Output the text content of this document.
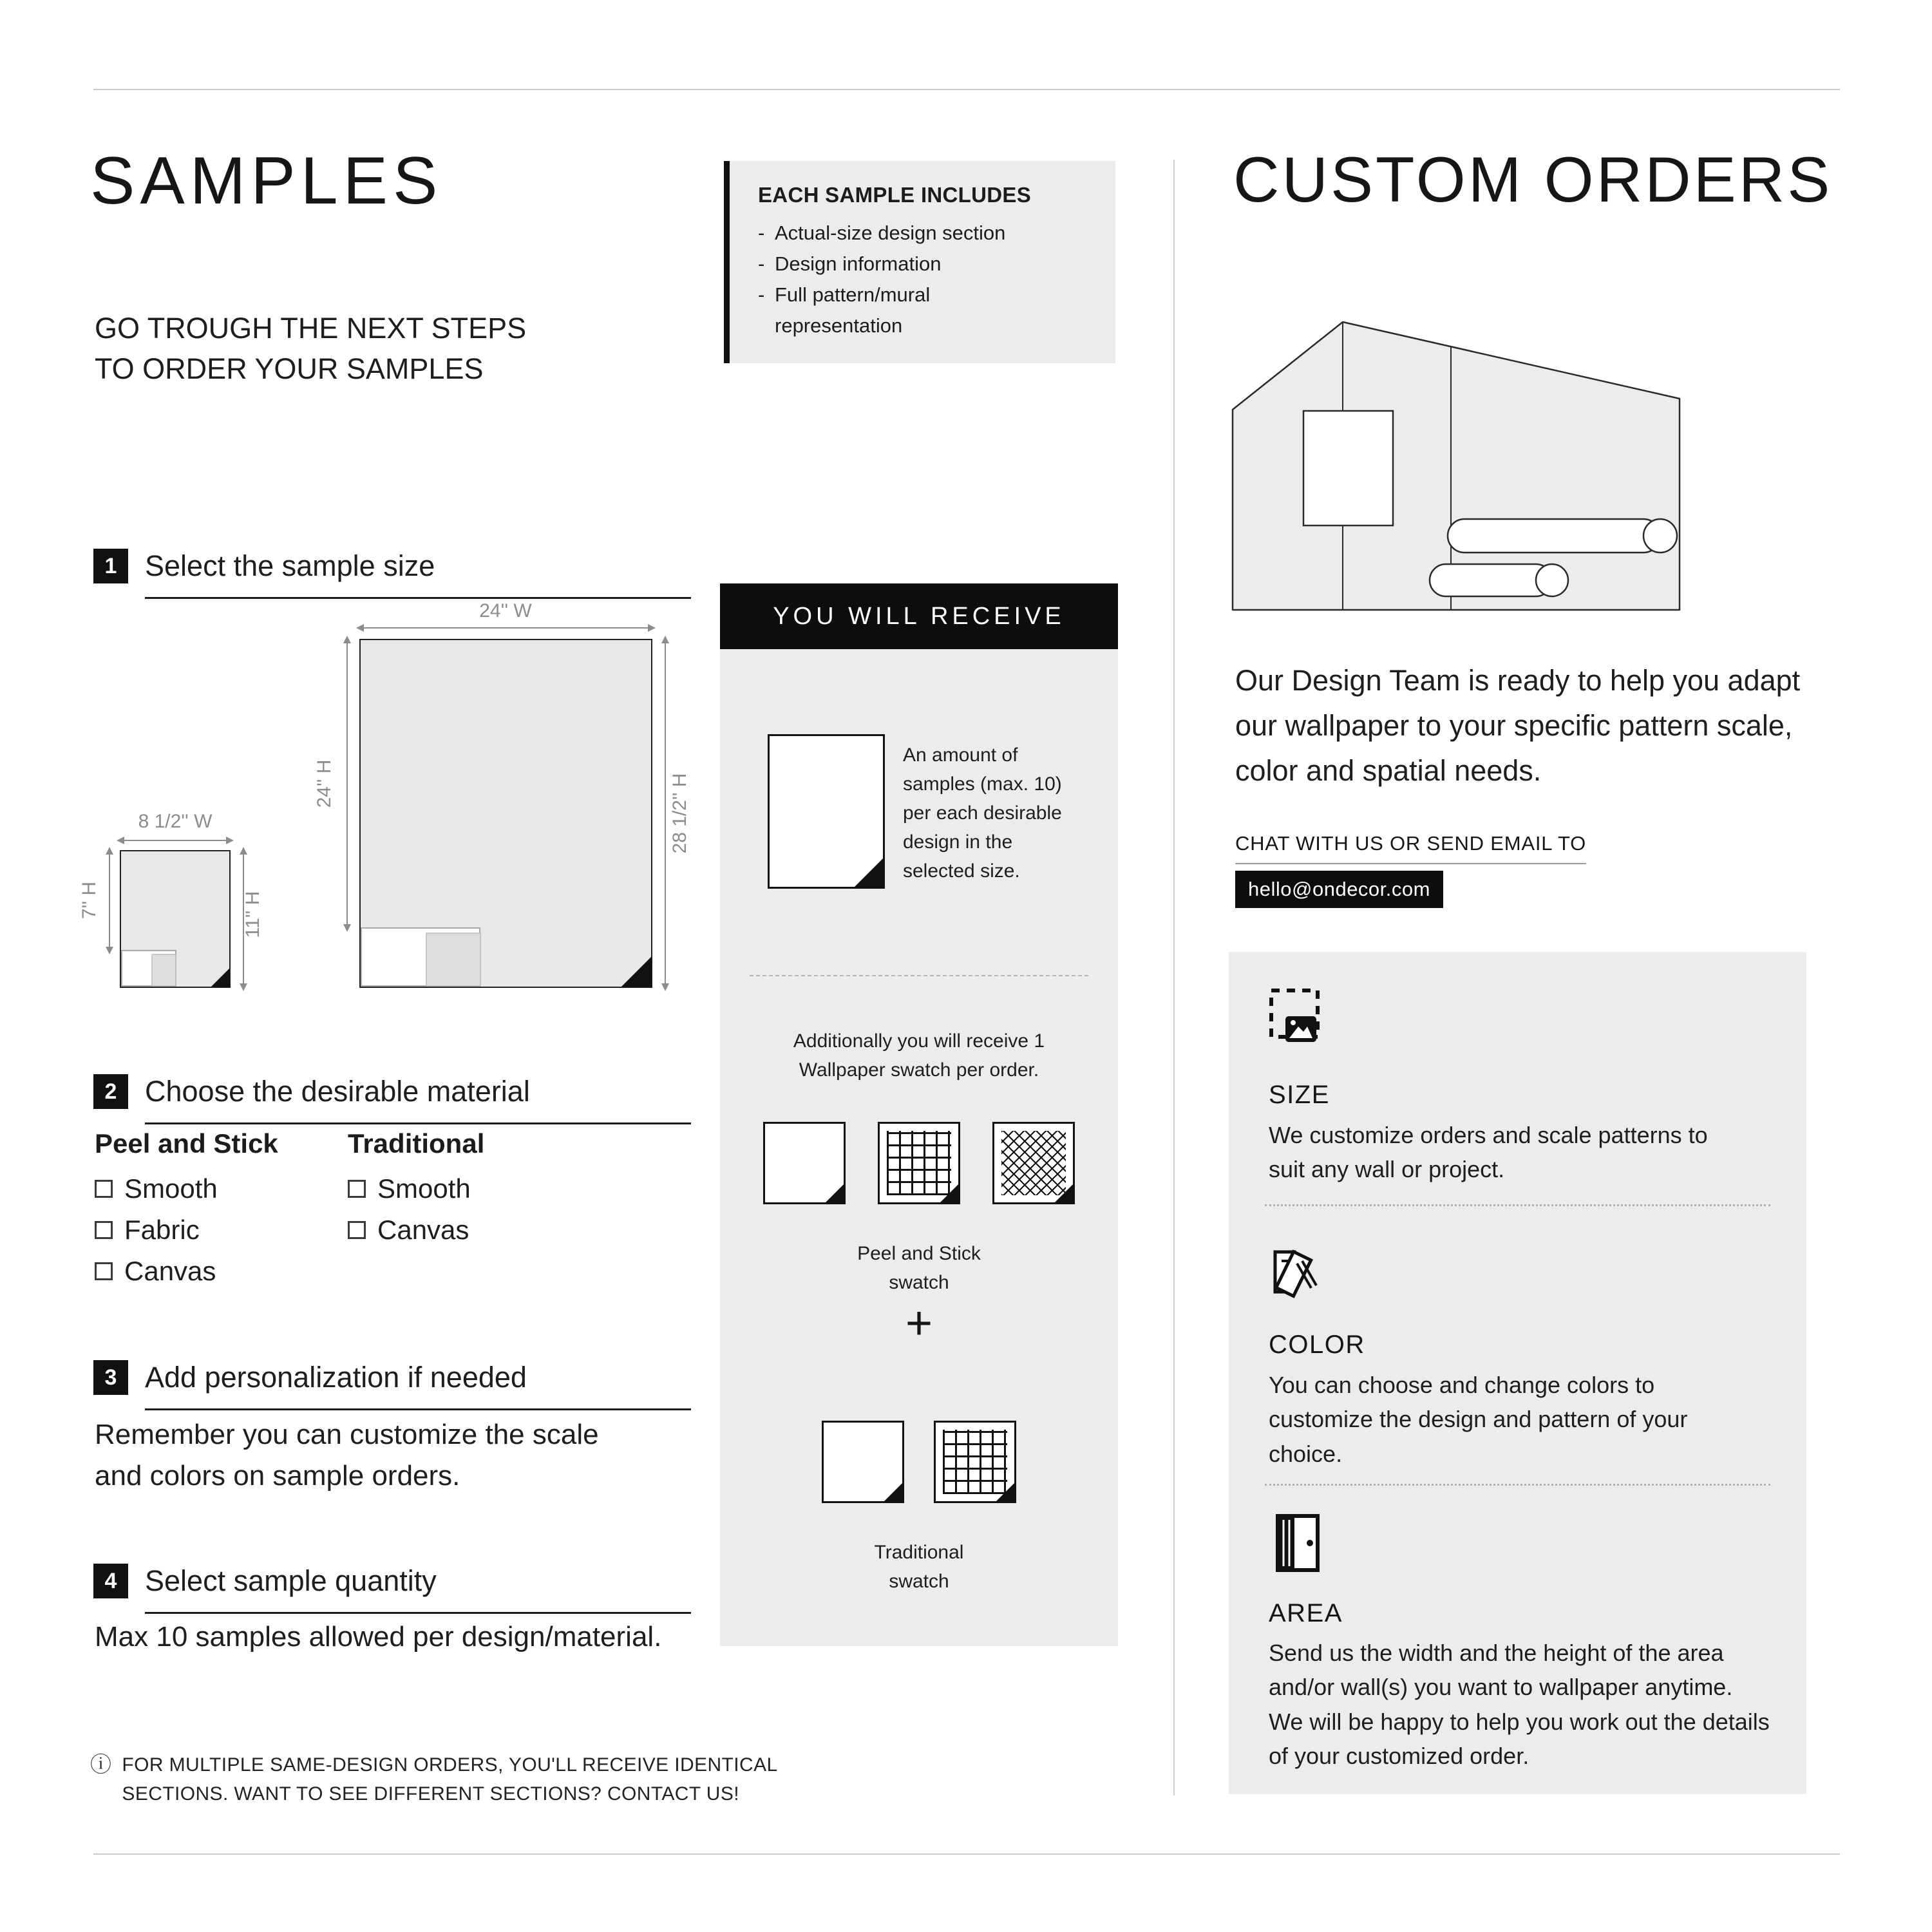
SAMPLES
GO TROUGH THE NEXT STEPS
TO ORDER YOUR SAMPLES
EACH SAMPLE INCLUDES
- Actual-size design section
- Design information
- Full pattern/mural representation
1 Select the sample size
24'' W
24'' H	28 1/2'' H
8 1/2'' W
7'' H	11'' H
2 Choose the desirable material
Peel and Stick
Smooth
Fabric
Canvas
Traditional
Smooth
Canvas
3 Add personalization if needed
Remember you can customize the scale and colors on sample orders.
4 Select sample quantity
Max 10 samples allowed per design/material.
ⓘ FOR MULTIPLE SAME-DESIGN ORDERS, YOU'LL RECEIVE IDENTICAL
SECTIONS. WANT TO SEE DIFFERENT SECTIONS? CONTACT US!
YOU WILL RECEIVE
An amount of samples (max. 10) per each desirable design in the selected size.
Additionally you will receive 1 Wallpaper swatch per order.
Peel and Stick
swatch
+
Traditional
swatch
CUSTOM ORDERS
Our Design Team is ready to help you adapt our wallpaper to your specific pattern scale, color and spatial needs.
CHAT WITH US OR SEND EMAIL TO
hello@ondecor.com
SIZE
We customize orders and scale patterns to suit any wall or project.
COLOR
You can choose and change colors to customize the design and pattern of your choice.
AREA
Send us the width and the height of the area and/or wall(s) you want to wallpaper anytime. We will be happy to help you work out the details of your customized order.
